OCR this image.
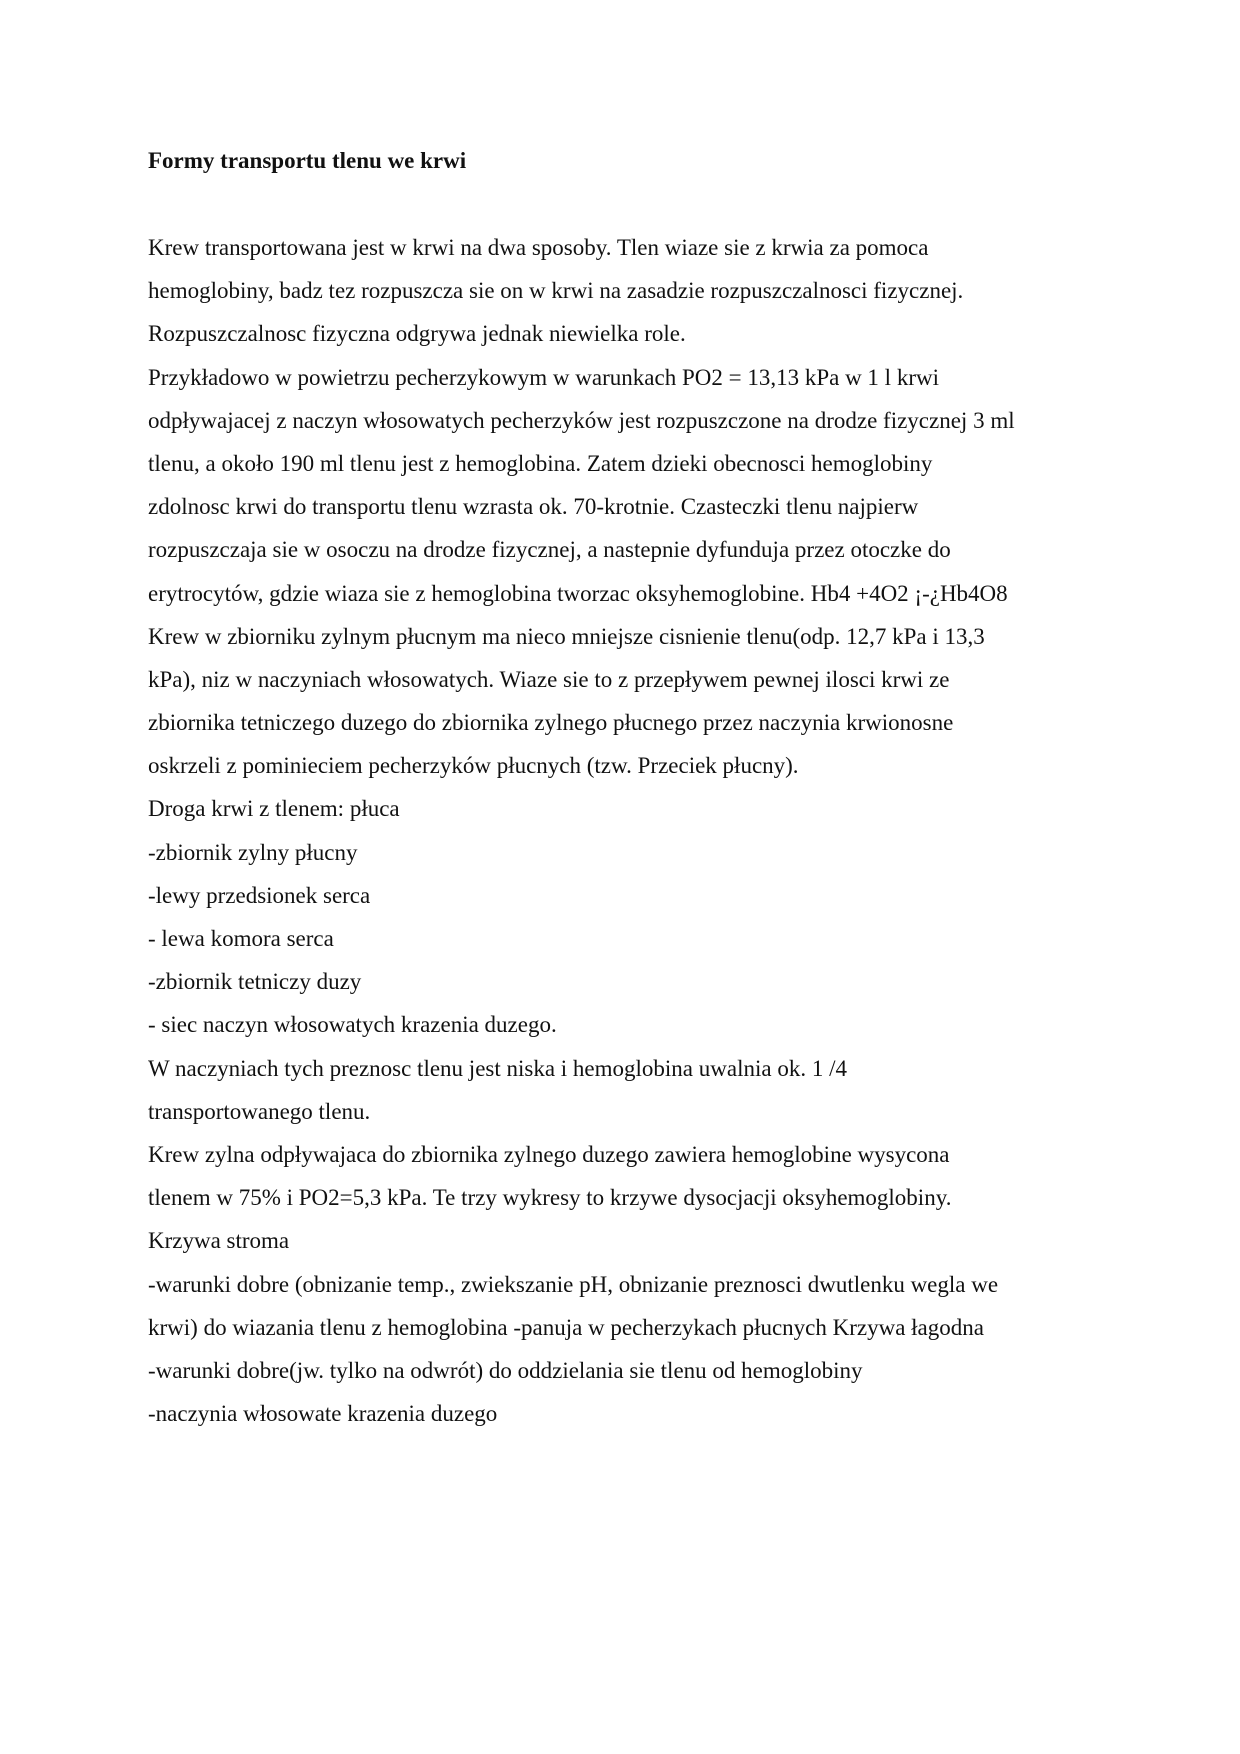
Formy transportu tlenu we krwi
Krew transportowana jest w krwi na dwa sposoby. Tlen wiaze sie z krwia za pomoca
hemoglobiny, badz tez rozpuszcza sie on w krwi na zasadzie rozpuszczalnosci fizycznej.
Rozpuszczalnosc fizyczna odgrywa jednak niewielka role.
Przykładowo w powietrzu pecherzykowym w warunkach PO2 = 13,13 kPa w 1 l krwi
odpływajacej z naczyn włosowatych pecherzyków jest rozpuszczone na drodze fizycznej 3 ml
tlenu, a około 190 ml tlenu jest z hemoglobina. Zatem dzieki obecnosci hemoglobiny
zdolnosc krwi do transportu tlenu wzrasta ok. 70-krotnie. Czasteczki tlenu najpierw
rozpuszczaja sie w osoczu na drodze fizycznej, a nastepnie dyfunduja przez otoczke do
erytrocytów, gdzie wiaza sie z hemoglobina tworzac oksyhemoglobine. Hb4 +4O2 ¡-¿Hb4O8
Krew w zbiorniku zylnym płucnym ma nieco mniejsze cisnienie tlenu(odp. 12,7 kPa i 13,3
kPa), niz w naczyniach włosowatych. Wiaze sie to z przepływem pewnej ilosci krwi ze
zbiornika tetniczego duzego do zbiornika zylnego płucnego przez naczynia krwionosne
oskrzeli z pominieciem pecherzyków płucnych (tzw. Przeciek płucny).
Droga krwi z tlenem: płuca
-zbiornik zylny płucny
-lewy przedsionek serca
- lewa komora serca
-zbiornik tetniczy duzy
- siec naczyn włosowatych krazenia duzego.
W naczyniach tych preznosc tlenu jest niska i hemoglobina uwalnia ok. 1 /4
transportowanego tlenu.
Krew zylna odpływajaca do zbiornika zylnego duzego zawiera hemoglobine wysycona
tlenem w 75% i PO2=5,3 kPa. Te trzy wykresy to krzywe dysocjacji oksyhemoglobiny.
Krzywa stroma
-warunki dobre (obnizanie temp., zwiekszanie pH, obnizanie preznosci dwutlenku wegla we
krwi) do wiazania tlenu z hemoglobina -panuja w pecherzykach płucnych Krzywa łagodna
-warunki dobre(jw. tylko na odwrót) do oddzielania sie tlenu od hemoglobiny
-naczynia włosowate krazenia duzego
